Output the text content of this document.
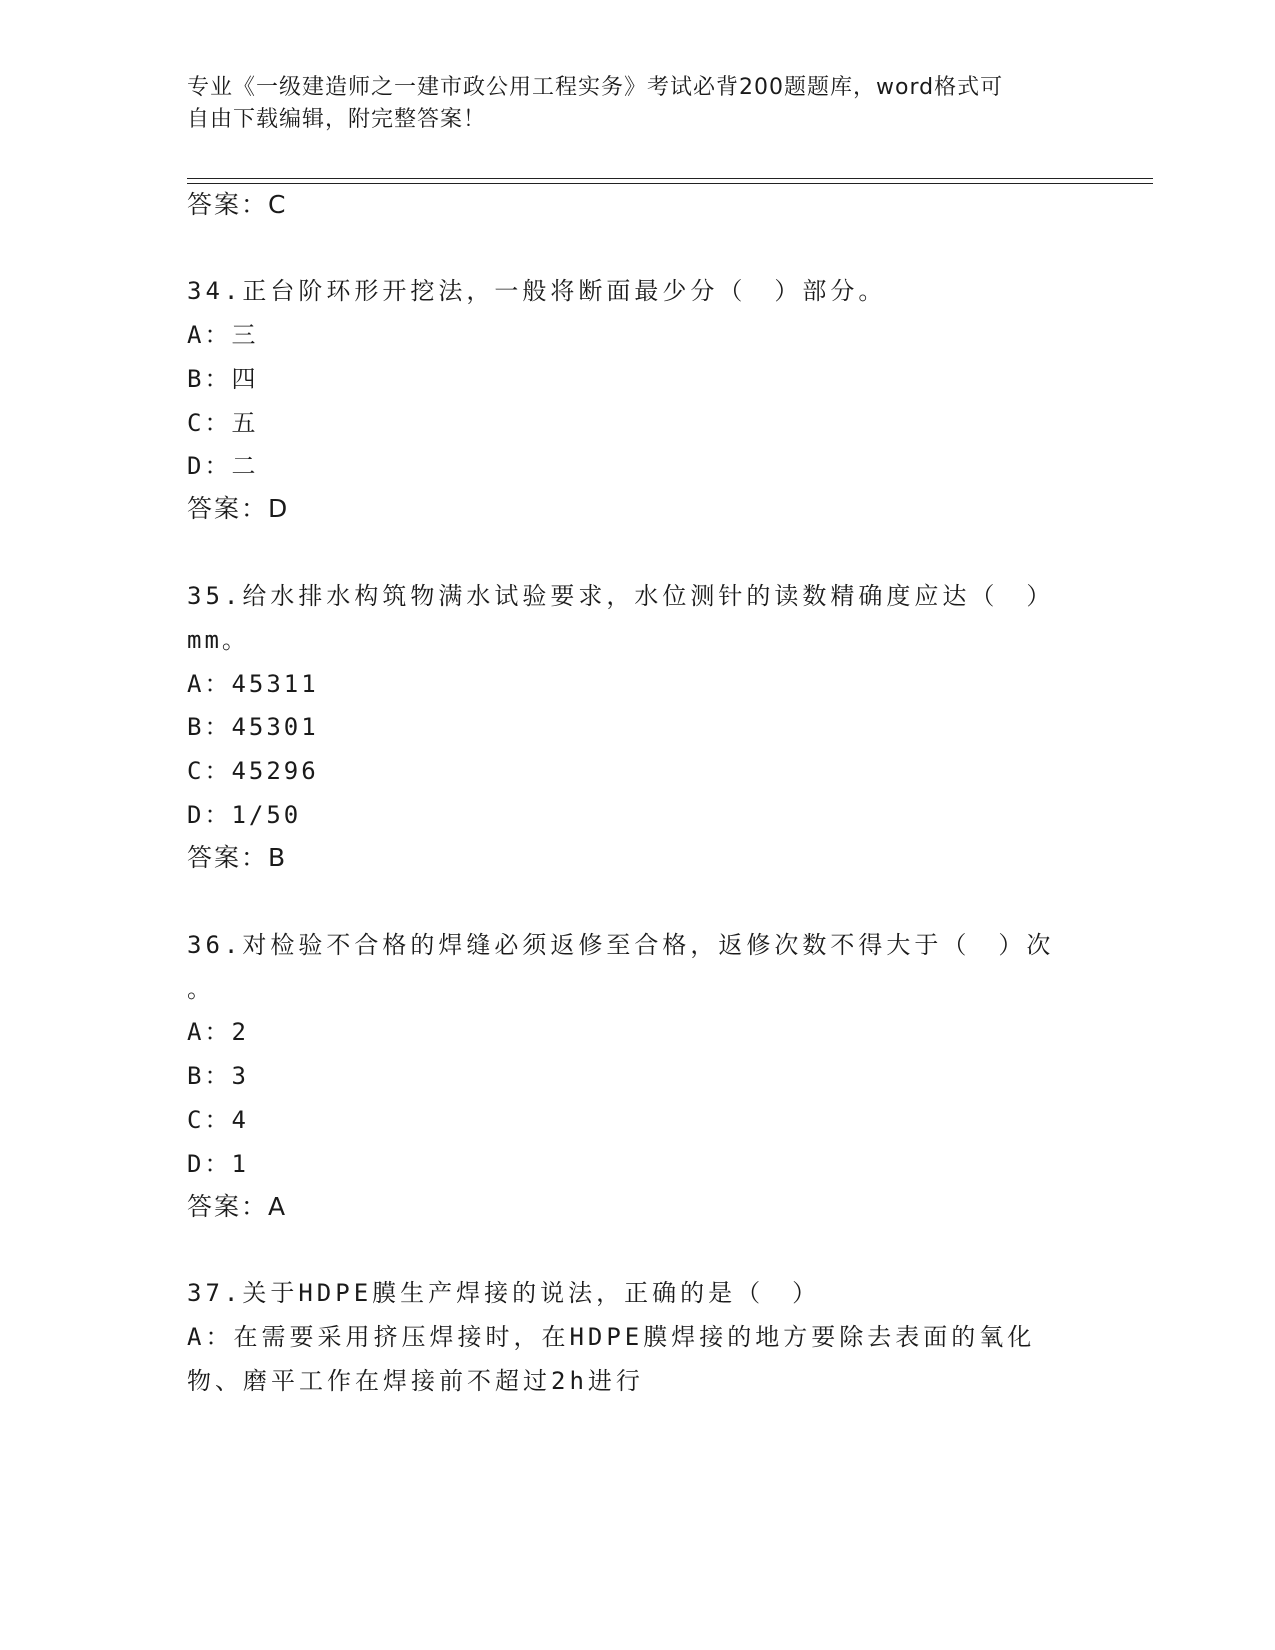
专业《一级建造师之一建市政公用工程实务》考试必背200题题库，word格式可
自由下载编辑，附完整答案！
答案：C
34.正台阶环形开挖法，一般将断面最少分（　）部分。
A：三
B：四
C：五
D：二
答案：D
35.给水排水构筑物满水试验要求，水位测针的读数精确度应达（　）
mm。
A：45311
B：45301
C：45296
D：1/50
答案：B
36.对检验不合格的焊缝必须返修至合格，返修次数不得大于（　）次
。
A：2
B：3
C：4
D：1
答案：A
37.关于HDPE膜生产焊接的说法，正确的是（　）
A：在需要采用挤压焊接时，在HDPE膜焊接的地方要除去表面的氧化
物、磨平工作在焊接前不超过2h进行
